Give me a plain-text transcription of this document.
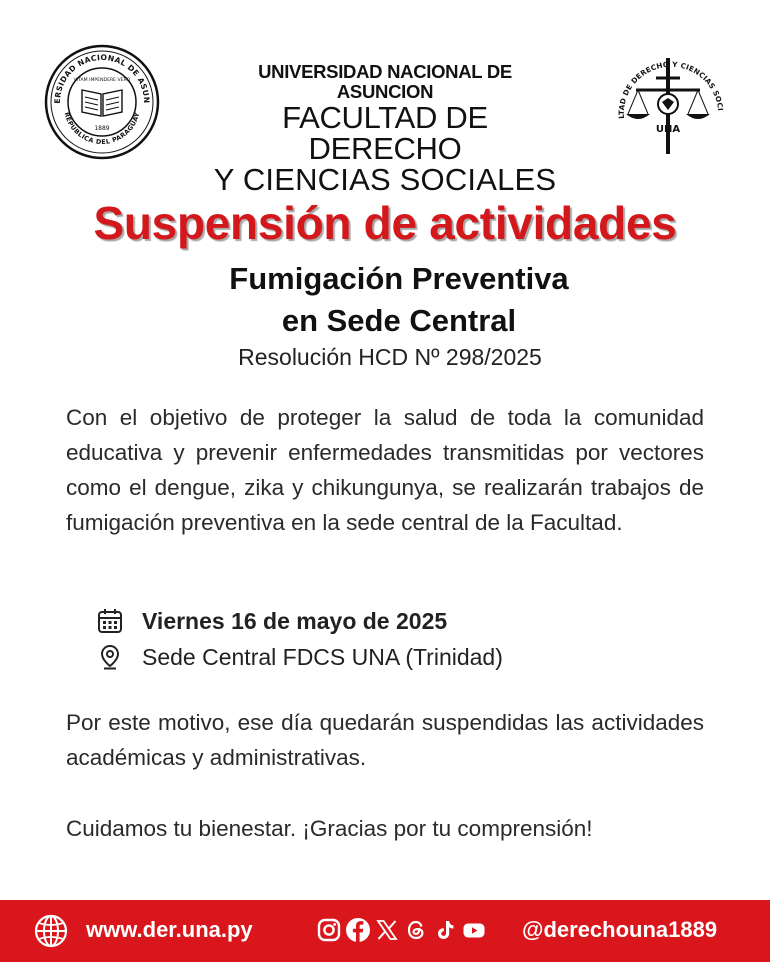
ERSIDAD NACIONAL DE ASUN
REPUBLICA DEL PARAGUAY
VITAM IMPENDERE VERO
1889
UNIVERSIDAD NACIONAL DE ASUNCION
FACULTAD DE DERECHO
Y CIENCIAS SOCIALES
LTAD DE DERECHO Y CIENCIAS SOCI
UNA
Suspensión de actividades
Fumigación Preventiva
en Sede Central
Resolución HCD Nº 298/2025
Con el objetivo de proteger la salud de toda la comunidad educativa y prevenir enfermedades transmitidas por vectores como el dengue, zika y chikungunya, se realizarán trabajos de fumigación preventiva en la sede central de la Facultad.
Viernes 16 de mayo de 2025
Sede Central FDCS UNA (Trinidad)
Por este motivo, ese día quedarán suspendidas las actividades académicas y administrativas.
Cuidamos tu bienestar. ¡Gracias por tu comprensión!
www.der.una.py	@derechouna1889
